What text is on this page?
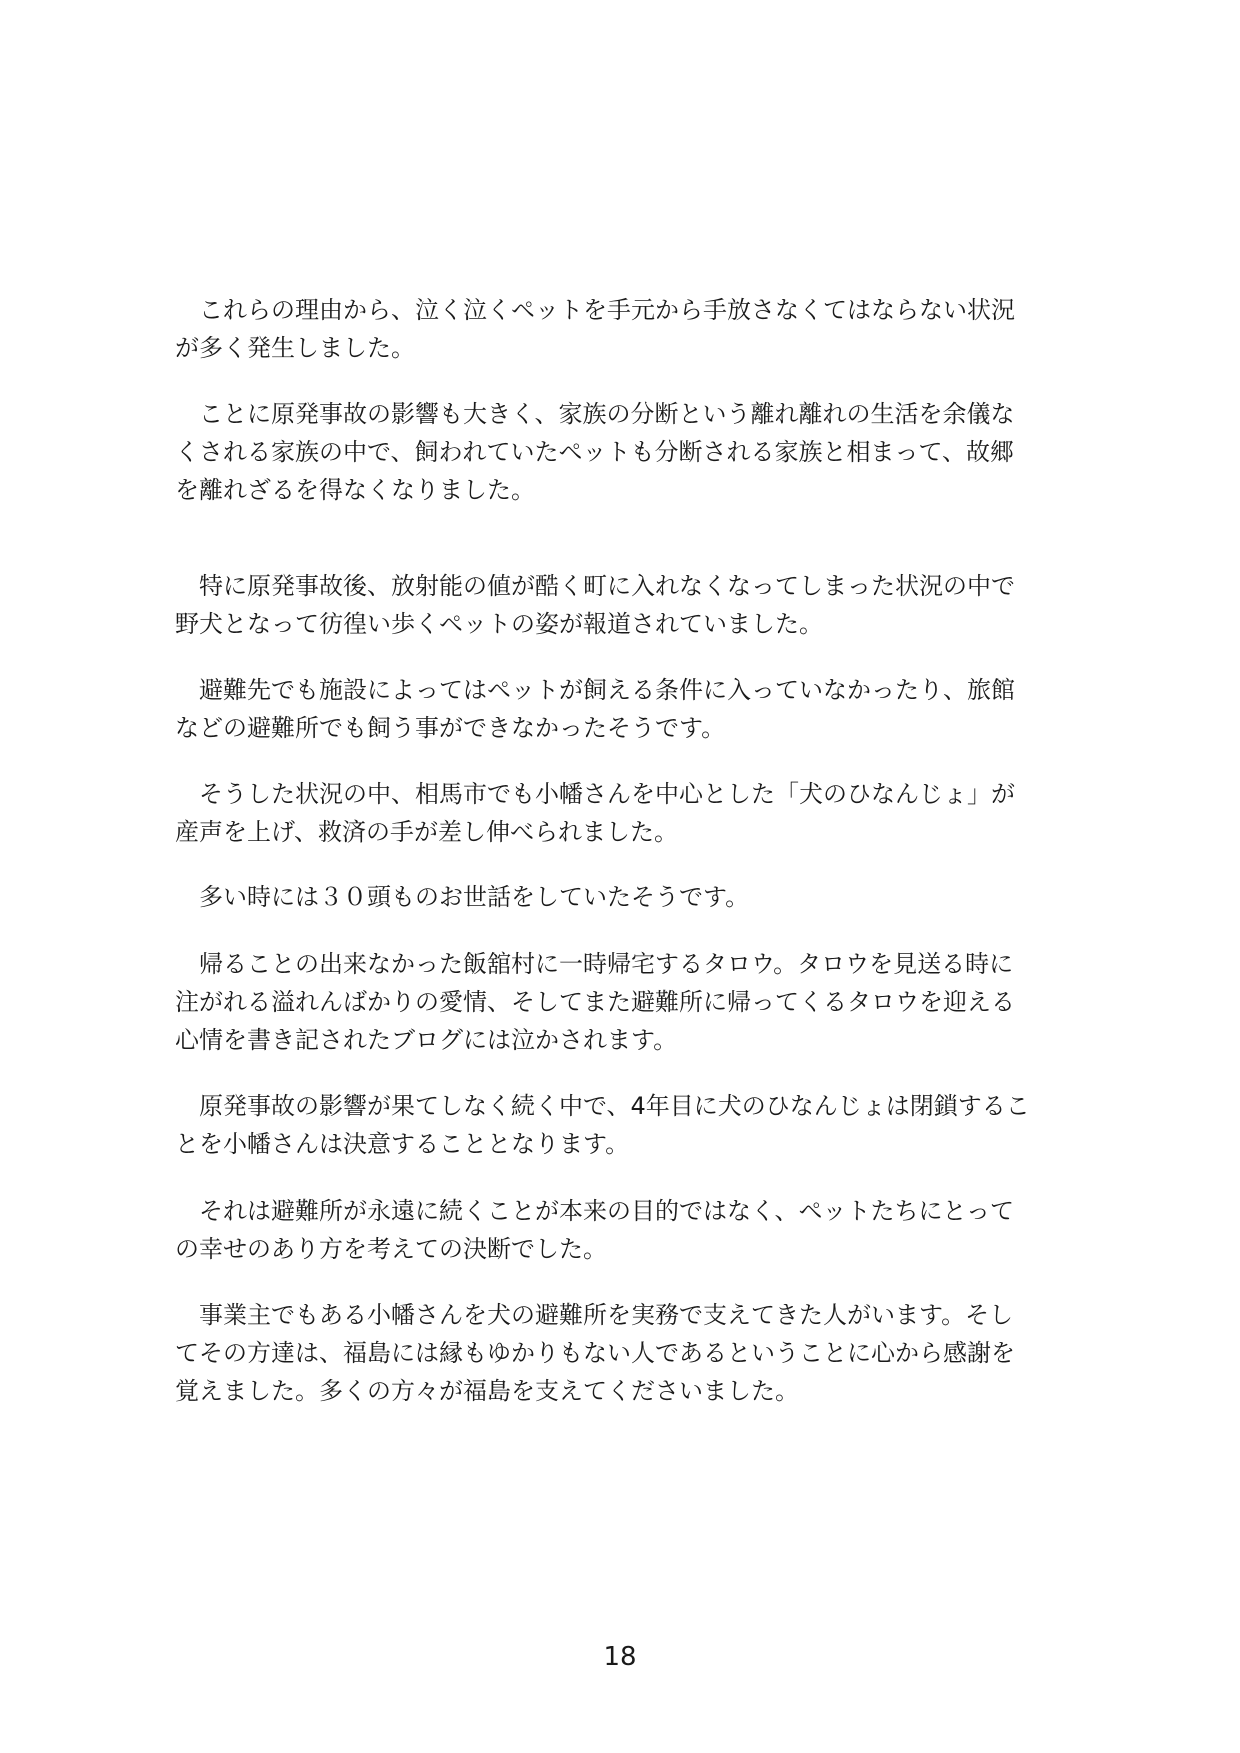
　これらの理由から、泣く泣くペットを手元から手放さなくてはならない状況
が多く発生しました。
　ことに原発事故の影響も大きく、家族の分断という離れ離れの生活を余儀な
くされる家族の中で、飼われていたペットも分断される家族と相まって、故郷
を離れざるを得なくなりました。
　特に原発事故後、放射能の値が酷く町に入れなくなってしまった状況の中で
野犬となって彷徨い歩くペットの姿が報道されていました。
　避難先でも施設によってはペットが飼える条件に入っていなかったり、旅館
などの避難所でも飼う事ができなかったそうです。
　そうした状況の中、相馬市でも小幡さんを中心とした「犬のひなんじょ」が
産声を上げ、救済の手が差し伸べられました。
　多い時には３０頭ものお世話をしていたそうです。
　帰ることの出来なかった飯舘村に一時帰宅するタロウ。タロウを見送る時に
注がれる溢れんばかりの愛情、そしてまた避難所に帰ってくるタロウを迎える
心情を書き記されたブログには泣かされます。
　原発事故の影響が果てしなく続く中で、4年目に犬のひなんじょは閉鎖するこ
とを小幡さんは決意することとなります。
　それは避難所が永遠に続くことが本来の目的ではなく、ペットたちにとって
の幸せのあり方を考えての決断でした。
　事業主でもある小幡さんを犬の避難所を実務で支えてきた人がいます。そし
てその方達は、福島には縁もゆかりもない人であるということに心から感謝を
覚えました。多くの方々が福島を支えてくださいました。
18
